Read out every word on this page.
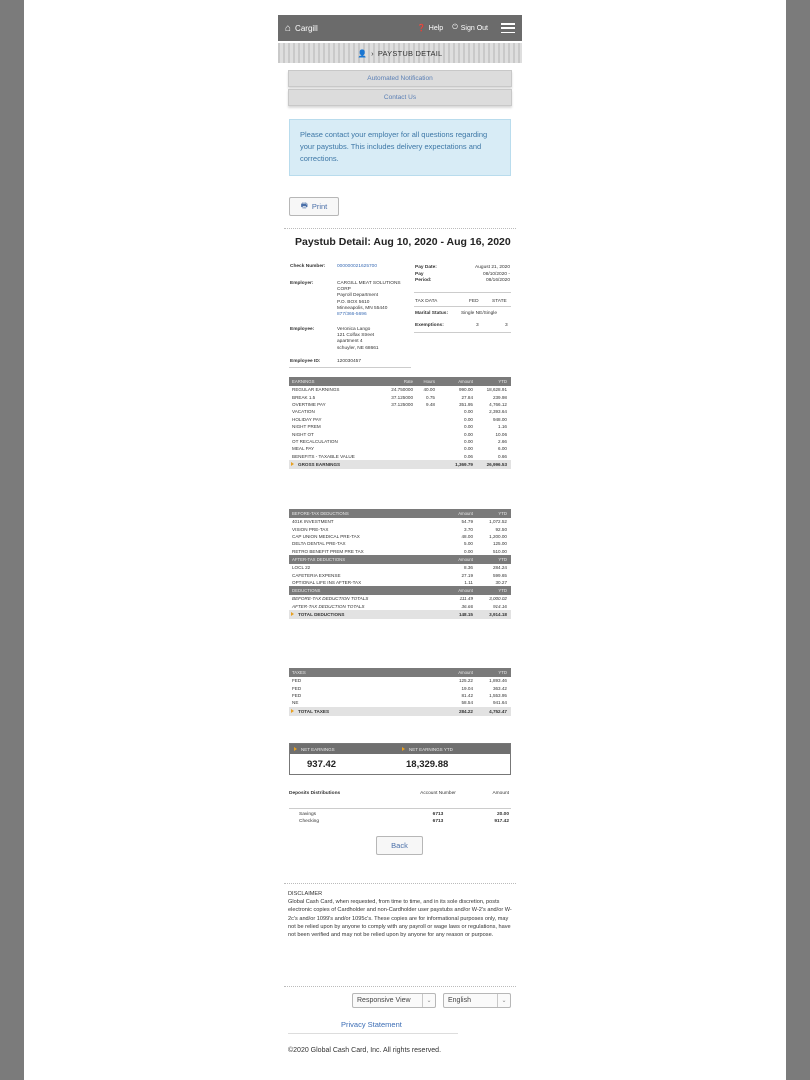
⌂ Cargill	❓ Help ⏻ Sign Out
👤 › PAYSTUB DETAIL
Automated Notification
Contact Us
Please contact your employer for all questions regarding your paystubs. This includes delivery expectations and corrections.
🖶 Print
Paystub Detail: Aug 10, 2020 - Aug 16, 2020
Check Number:	000000021625700
Employer:	CARGILL MEAT SOLUTIONS
CORP
Payroll Department
P.O. BOX 5610
Minneapolis, MN 55440
877/366-5696
Employee:	Veronica Lango
121 Colfax Street
apartment 4
schuyler, NE 68661
Employee ID:	120030457
Pay Date:	August 21, 2020
Pay Period:
08/10/2020 - 08/16/2020
TAX DATA	FED	STATE
Marital Status:	Single NE/Single
Exemptions:	3	3
EARNINGS	Rate	Hours	Amount	YTD
REGULAR EARNINGS	24.750000	40.00	990.00	18,628.91
BREAK 1.5	37.125000	0.75	27.84	239.98
OVERTIME PAY	37.125000	9.48	351.95	4,766.12
VACATION	0.00	2,393.64
HOLIDAY PAY	0.00	948.00
NIGHT PREM	0.00	1.16
NIGHT OT	0.00	10.06
OT RECALCULATION	0.00	2.66
MEAL PAY	0.00	6.00
BENEFITS - TAXABLE VALUE	0.06	0.66
GROSS EARNINGS	1,369.79	26,996.53
BEFORE-TAX DEDUCTIONS	Amount	YTD
401K INVESTMENT	54.79	1,072.52
VISION PRE-TAX	3.70	92.50
CAP UNION MEDICAL PRE-TAX	48.00	1,200.00
DELTA DENTAL PRE-TAX	5.00	125.00
RETRO BENEFIT PREM PRE TAX	0.00	510.00
AFTER-TAX DEDUCTIONS	Amount	YTD
LOCL 22	8.36	284.24
CAFETERIA EXPENSE	27.19	599.65
OPTIONAL LIFE INS AFTER-TAX	1.11	30.27
DEDUCTIONS	Amount	YTD
BEFORE-TAX DEDUCTION TOTALS	111.49	3,000.02
AFTER-TAX DEDUCTION TOTALS	36.66	914.16
TOTAL DEDUCTIONS	148.15	3,914.18
TAXES	Amount	YTD
FED	125.22	1,893.46
FED	19.04	363.42
FED	81.42	1,553.95
NE	58.54	941.64
TOTAL TAXES	284.22	4,752.47
NET EARNINGS	NET EARNINGS YTD
937.42	18,329.88
Deposits Distributions	Account Number	Amount
Savings	6713	20.00
Checking	6713	917.42
Back
DISCLAIMER
Global Cash Card, when requested, from time to time, and in its sole discretion, posts electronic copies of Cardholder and non-Cardholder user paystubs and/or W-2's and/or W-2c's and/or 1099's and/or 1095c's. These copies are for informational purposes only, may not be relied upon by anyone to comply with any payroll or wage laws or regulations, have not been verified and may not be relied upon by anyone for any reason or purpose.
Responsive View	⌄	English	⌄
Privacy Statement
©2020 Global Cash Card, Inc. All rights reserved.
